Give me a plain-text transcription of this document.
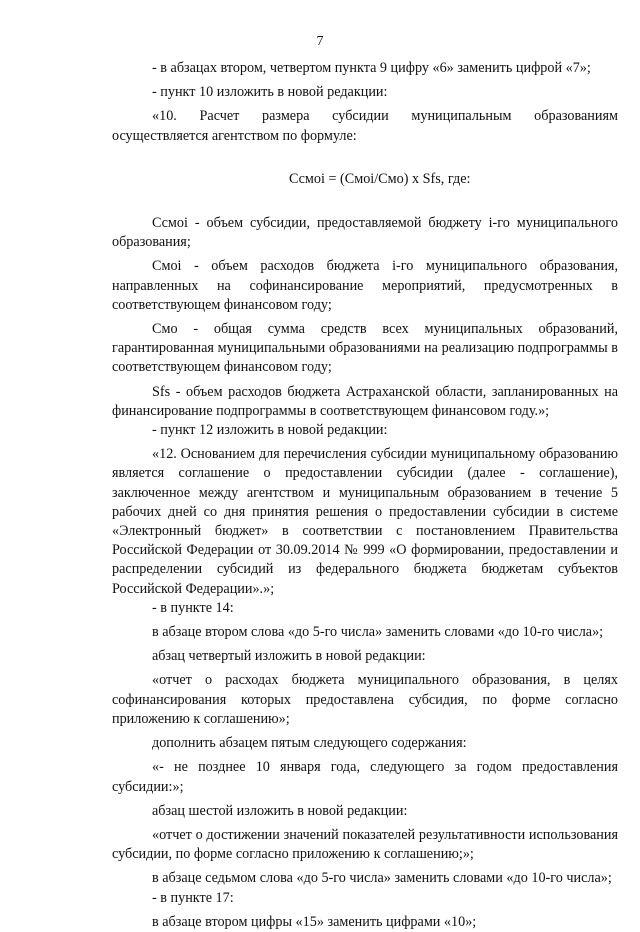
7

- в абзацах втором, четвертом пункта 9 цифру «6» заменить цифрой «7»;

- пункт 10 изложить в новой редакции:

«10. Расчет размера субсидии муниципальным образованиям осуществляется агентством по формуле:

Ссмоі = (Смоі/Смо) x Sfs, где:

Ссмоі - объем субсидии, предоставляемой бюджету і-го муниципального образования;

Смоі - объем расходов бюджета і-го муниципального образования, направленных на софинансирование мероприятий, предусмотренных в соответствующем финансовом году;

Смо - общая сумма средств всех муниципальных образований, гарантированная муниципальными образованиями на реализацию подпрограммы в соответствующем финансовом году;

Sfs - объем расходов бюджета Астраханской области, запланированных на финансирование подпрограммы в соответствующем финансовом году.»;

- пункт 12 изложить в новой редакции:

«12. Основанием для перечисления субсидии муниципальному образованию является соглашение о предоставлении субсидии (далее - соглашение), заключенное между агентством и муниципальным образованием в течение 5 рабочих дней со дня принятия решения о предоставлении субсидии в системе «Электронный бюджет» в соответствии с постановлением Правительства Российской Федерации от 30.09.2014 № 999 «О формировании, предоставлении и распределении субсидий из федерального бюджета бюджетам субъектов Российской Федерации».»;

- в пункте 14:

в абзаце втором слова «до 5-го числа» заменить словами «до 10-го числа»;

абзац четвертый изложить в новой редакции:

«отчет о расходах бюджета муниципального образования, в целях софинансирования которых предоставлена субсидия, по форме согласно приложению к соглашению»;

дополнить абзацем пятым следующего содержания:

«- не позднее 10 января года, следующего за годом предоставления субсидии:»;

абзац шестой изложить в новой редакции:

«отчет о достижении значений показателей результативности использования субсидии, по форме согласно приложению к соглашению;»;

в абзаце седьмом слова «до 5-го числа» заменить словами «до 10-го числа»;

- в пункте 17:

в абзаце втором цифры «15» заменить цифрами «10»;
